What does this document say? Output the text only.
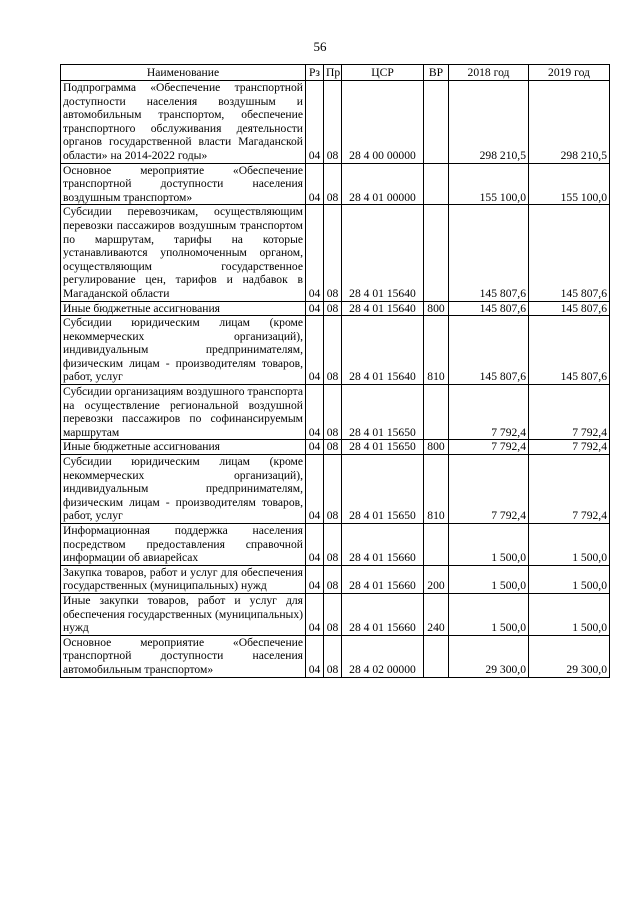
56
Наименование	Рз	Пр	ЦСР	ВР	2018 год	2019 год
Подпрограмма «Обеспечение транспортной доступности населения воздушным и автомобильным транспортом, обеспечение транспортного обслуживания деятельности органов государственной власти Магаданской области» на 2014-2022 годы»	04	08	28 4 00 00000		298 210,5	298 210,5
Основное мероприятие «Обеспечение транспортной доступности населения воздушным транспортом»	04	08	28 4 01 00000		155 100,0	155 100,0
Субсидии перевозчикам, осуществляющим перевозки пассажиров воздушным транспортом по маршрутам, тарифы на которые устанавливаются уполномоченным органом, осуществляющим государственное регулирование цен, тарифов и надбавок в Магаданской области	04	08	28 4 01 15640		145 807,6	145 807,6
Иные бюджетные ассигнования	04	08	28 4 01 15640	800	145 807,6	145 807,6
Субсидии юридическим лицам (кроме некоммерческих организаций), индивидуальным предпринимателям, физическим лицам - производителям товаров, работ, услуг	04	08	28 4 01 15640	810	145 807,6	145 807,6
Субсидии организациям воздушного транспорта на осуществление региональной воздушной перевозки пассажиров по софинансируемым маршрутам	04	08	28 4 01 15650		7 792,4	7 792,4
Иные бюджетные ассигнования	04	08	28 4 01 15650	800	7 792,4	7 792,4
Субсидии юридическим лицам (кроме некоммерческих организаций), индивидуальным предпринимателям, физическим лицам - производителям товаров, работ, услуг	04	08	28 4 01 15650	810	7 792,4	7 792,4
Информационная поддержка населения посредством предоставления справочной информации об авиарейсах	04	08	28 4 01 15660		1 500,0	1 500,0
Закупка товаров, работ и услуг для обеспечения государственных (муниципальных) нужд	04	08	28 4 01 15660	200	1 500,0	1 500,0
Иные закупки товаров, работ и услуг для обеспечения государственных (муниципальных) нужд	04	08	28 4 01 15660	240	1 500,0	1 500,0
Основное мероприятие «Обеспечение транспортной доступности населения автомобильным транспортом»	04	08	28 4 02 00000		29 300,0	29 300,0
